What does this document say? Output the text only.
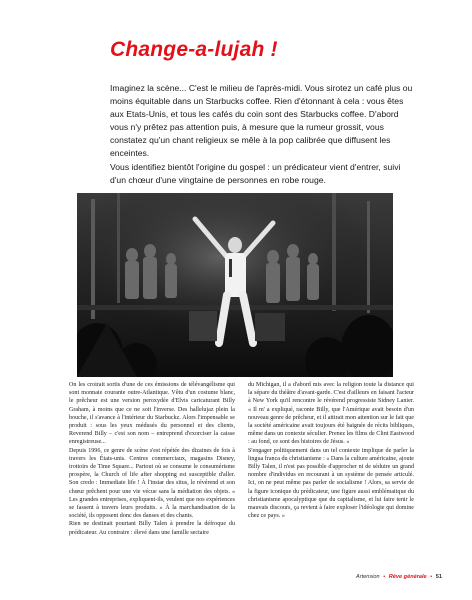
Change-a-lujah !

Imaginez la scène... C'est le milieu de l'après-midi. Vous sirotez un café plus ou moins équitable dans un Starbucks coffee. Rien d'étonnant à cela : vous êtes aux Etats-Unis, et tous les cafés du coin sont des Starbucks coffee. D'abord vous n'y prêtez pas attention puis, à mesure que la rumeur grossit, vous constatez qu'un chant religieux se mêle à la pop calibrée que diffusent les enceintes.

Vous identifiez bientôt l'origine du gospel : un prédicateur vient d'entrer, suivi d'un chœur d'une vingtaine de personnes en robe rouge.

On les croirait sortis d'une de ces émissions de télévangélisme qui sont monnaie courante outre-Atlantique. Vêtu d'un costume blanc, le prêcheur est une version peroxydée d'Elvis caricaturant Billy Graham, à moins que ce ne soit l'inverse. Des hallelujaz plein la bouche, il s'avance à l'intérieur du Starbuckz. Alors l'impensable se produit : sous les yeux médusés du personnel et des clients, Reverend Billy – c'est son nom – entreprend d'exorciser la caisse enregistreuse...

Depuis 1996, ce genre de scène s'est répétée des dizaines de fois à travers les États-unis. Centres commerciaux, magasins Disney, trottoirs de Time Square... Partout où se consume le consumérisme prospère, la Church of life after shopping est susceptible d'aller. Son credo : Immediate life ! À l'instar des situs, le révérend et son chœur prêchent pour une vie vécue sans la médiation des objets. « Les grandes entreprises, expliquent-ils, veulent que nos expériences se fassent à travers leurs produits. » À la marchandisation de la société, ils opposent donc des danses et des chants.

Rien ne destinait pourtant Billy Talen à prendre la défroque du prédicateur. Au contraire : élevé dans une famille sectaire

du Michigan, il a d'abord mis avec la religion toute la distance qui la sépare du théâtre d'avant-garde. C'est d'ailleurs en faisant l'acteur à New York qu'il rencontre le révérend progressiste Sidney Lanier. « Il m' a expliqué, raconte Billy, que l'Amérique avait besoin d'un nouveau genre de prêcheur, et il attirait mon attention sur le fait que la société américaine avait toujours été baignée de récits bibliques, même dans un contexte séculier. Prenez les films de Clint Eastwood : au fond, ce sont des histoires de Jésus. »

S'engager politiquement dans un tel contexte implique de parler la lingua franca du christianisme : « Dans la culture américaine, ajoute Billy Talen, il n'est pas possible d'approcher ni de séduire un grand nombre d'individus en recourant à un système de pensée articulé. Ici, on ne peut même pas parler de socialisme ! Alors, sa servie de la figure iconique du prédicateur, une figure aussi emblématique du christianisme apocalyptique que du capitalisme, et lui faire tenir le mauvais discours, ça revient à faire exploser l'idéologie qui domine chez ce pays. »

Artension • Rêve générale • 51
